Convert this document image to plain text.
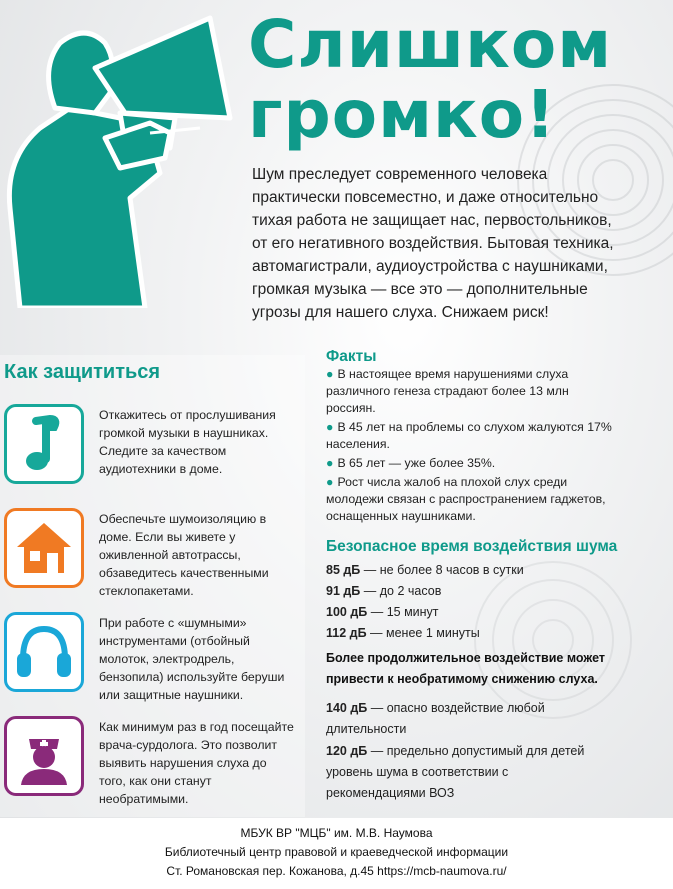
Слишком
громко!

Шум преследует современного человека практически повсеместно, и даже относительно тихая работа не защищает нас, первостольников, от его негативного воздействия. Бытовая техника, автомагистрали, аудиоустройства с наушниками, громкая музыка — все это — дополнительные угрозы для нашего слуха. Снижаем риск!

Как защититься
Откажитесь от прослушивания громкой музыки в наушниках. Следите за качеством аудиотехники в доме.
Обеспечьте шумоизоляцию в доме. Если вы живете у оживленной автотрассы, обзаведитесь качественными стеклопакетами.
При работе с «шумными» инструментами (отбойный молоток, электродрель, бензопила) используйте беруши или защитные наушники.
Как минимум раз в год посещайте врача-сурдолога. Это позволит выявить нарушения слуха до того, как они станут необратимыми.
Факты
● В настоящее время нарушениями слуха различного генеза страдают более 13 млн россиян.
● В 45 лет на проблемы со слухом жалуются 17% населения.
● В 65 лет — уже более 35%.
● Рост числа жалоб на плохой слух среди молодежи связан с распространением гаджетов, оснащенных наушниками.
Безопасное время воздействия шума
85 дБ — не более 8 часов в сутки
91 дБ — до 2 часов
100 дБ — 15 минут
112 дБ — менее 1 минуты
Более продолжительное воздействие может привести к необратимому снижению слуха.
140 дБ — опасно воздействие любой длительности
120 дБ — предельно допустимый для детей уровень шума в соответствии с рекомендациями ВОЗ
МБУК ВР "МЦБ" им. М.В. Наумова
Библиотечный центр правовой и краеведческой информации
Ст. Романовская пер. Кожанова, д.45 https://mcb-naumova.ru/
